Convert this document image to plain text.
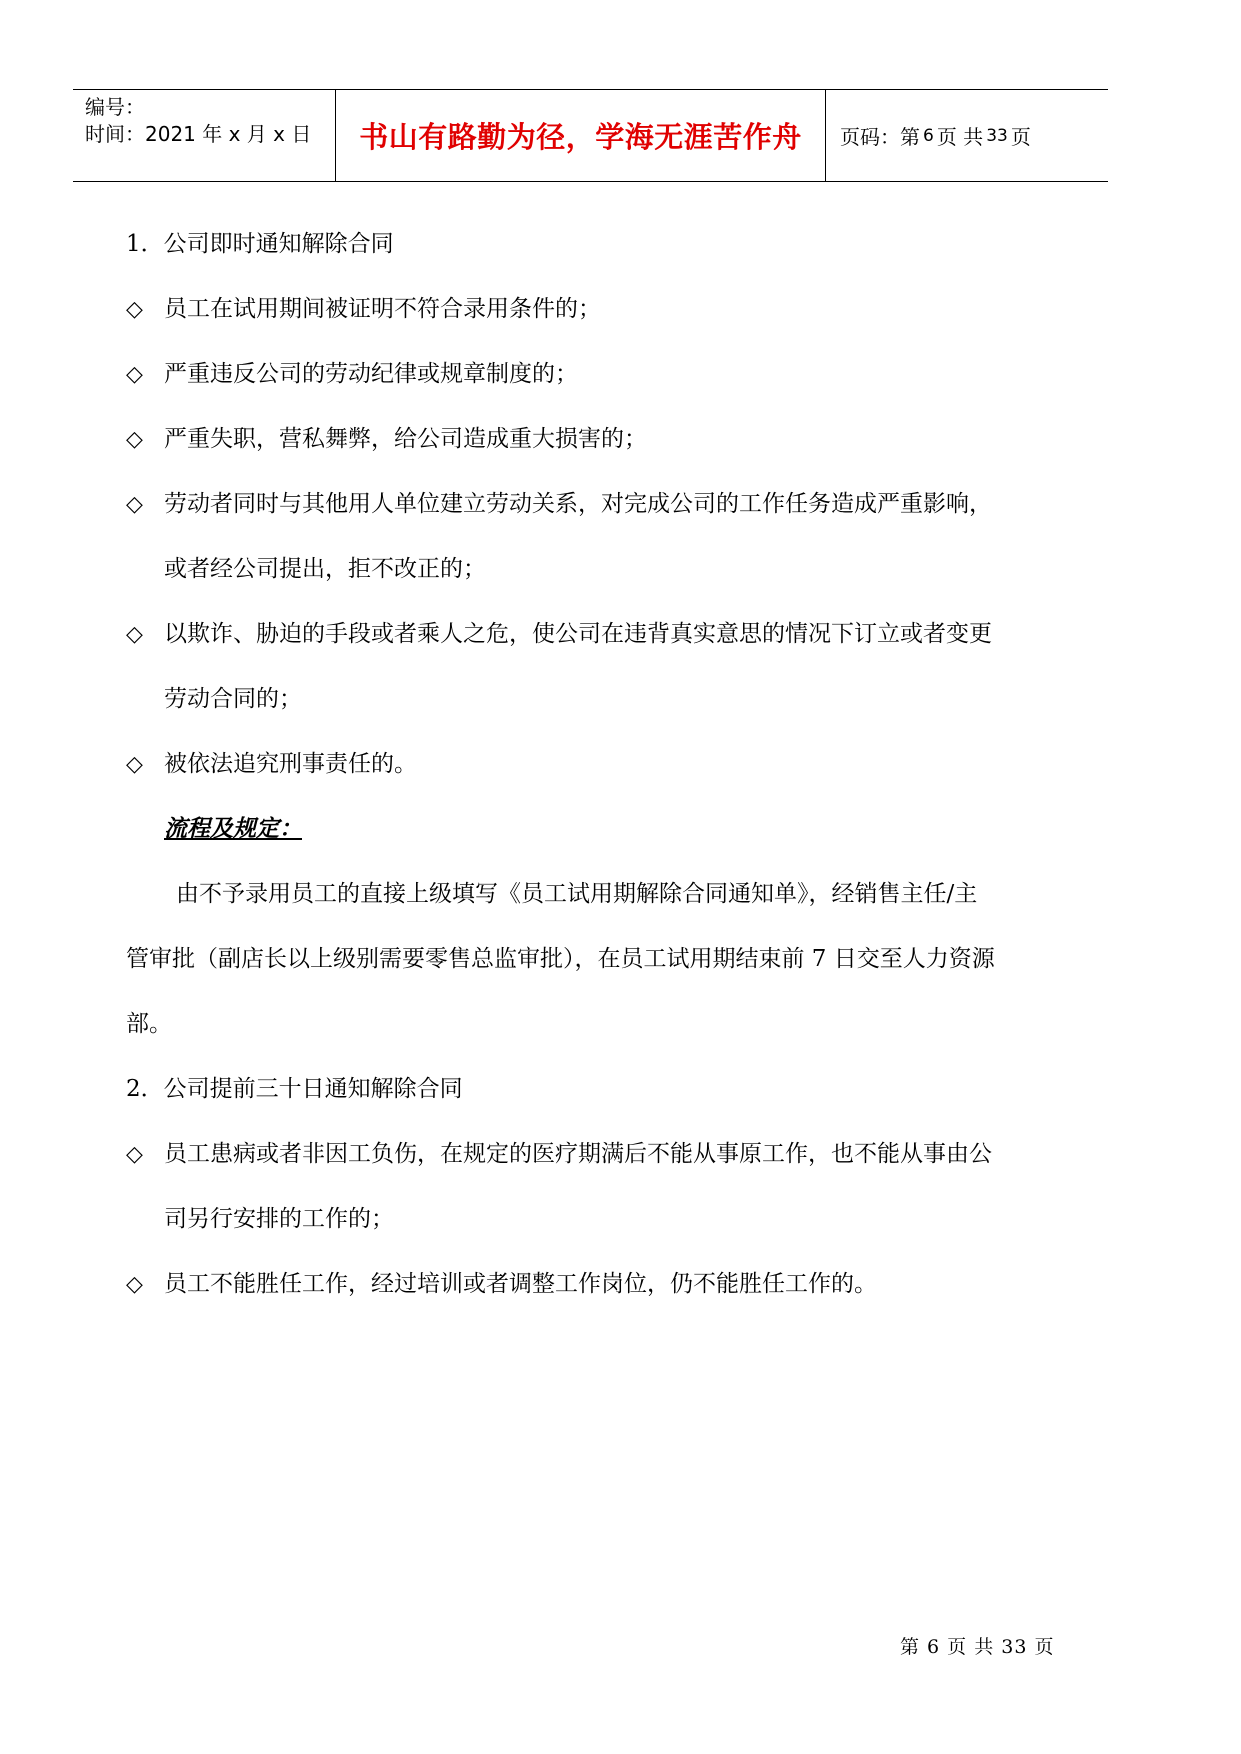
编号：
时间：2021 年 x 月 x 日	书山有路勤为径，学海无涯苦作舟	页码：第 6 页 共 33 页
1．公司即时通知解除合同
◇ 员工在试用期间被证明不符合录用条件的；
◇ 严重违反公司的劳动纪律或规章制度的；
◇ 严重失职，营私舞弊，给公司造成重大损害的；
◇ 劳动者同时与其他用人单位建立劳动关系，对完成公司的工作任务造成严重影响，
或者经公司提出，拒不改正的；
◇ 以欺诈、胁迫的手段或者乘人之危，使公司在违背真实意思的情况下订立或者变更
劳动合同的；
◇ 被依法追究刑事责任的。
流程及规定：
由不予录用员工的直接上级填写《员工试用期解除合同通知单》，经销售主任/主
管审批（副店长以上级别需要零售总监审批），在员工试用期结束前 7 日交至人力资源
部。
2．公司提前三十日通知解除合同
◇ 员工患病或者非因工负伤，在规定的医疗期满后不能从事原工作，也不能从事由公
司另行安排的工作的；
◇ 员工不能胜任工作，经过培训或者调整工作岗位，仍不能胜任工作的。
第 6 页 共 33 页
